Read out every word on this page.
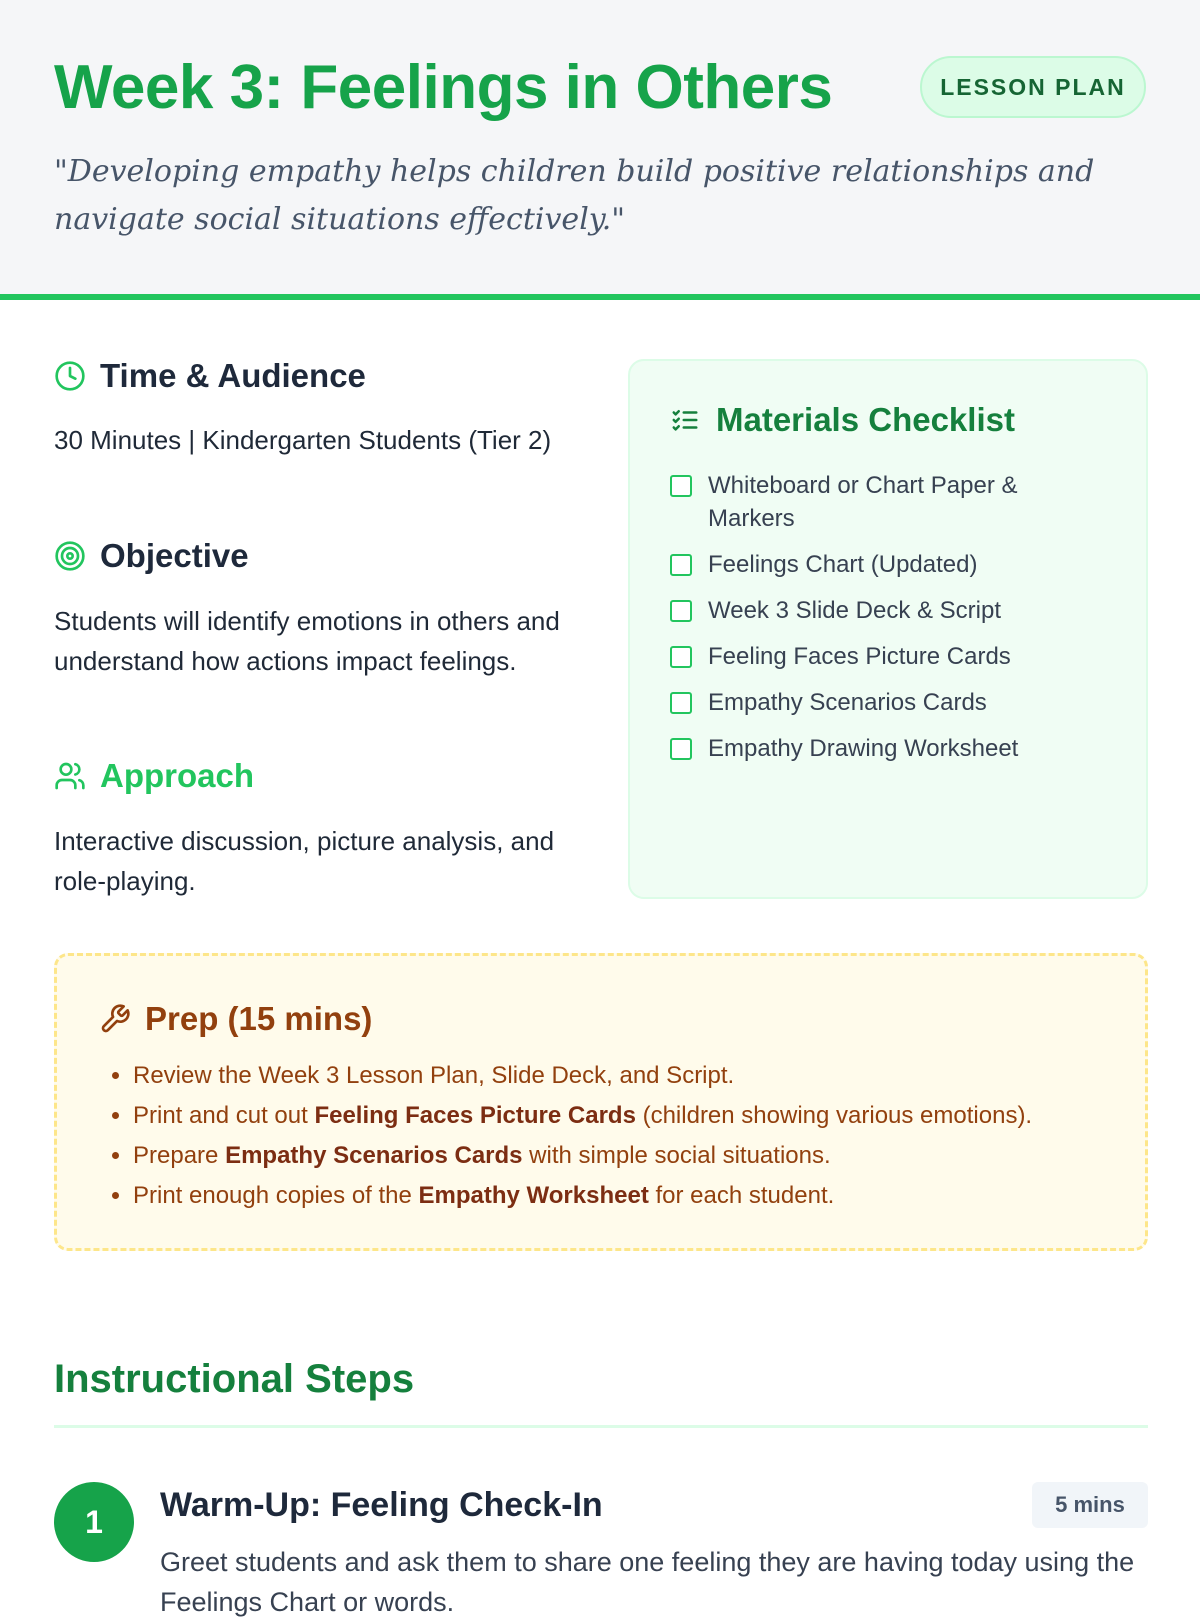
Week 3: Feelings in Others	LESSON PLAN

"Developing empathy helps children build positive relationships and navigate social situations effectively."

Time & Audience

30 Minutes | Kindergarten Students (Tier 2)

Objective

Students will identify emotions in others and understand how actions impact feelings.

Approach

Interactive discussion, picture analysis, and role-playing.

Materials Checklist
Whiteboard or Chart Paper & Markers
Feelings Chart (Updated)
Week 3 Slide Deck & Script
Feeling Faces Picture Cards
Empathy Scenarios Cards
Empathy Drawing Worksheet
Prep (15 mins)
• Review the Week 3 Lesson Plan, Slide Deck, and Script.
• Print and cut out Feeling Faces Picture Cards (children showing various emotions).
• Prepare Empathy Scenarios Cards with simple social situations.
• Print enough copies of the Empathy Worksheet for each student.
Instructional Steps
1	Warm-Up: Feeling Check-In	5 mins

Greet students and ask them to share one feeling they are having today using the Feelings Chart or words.
